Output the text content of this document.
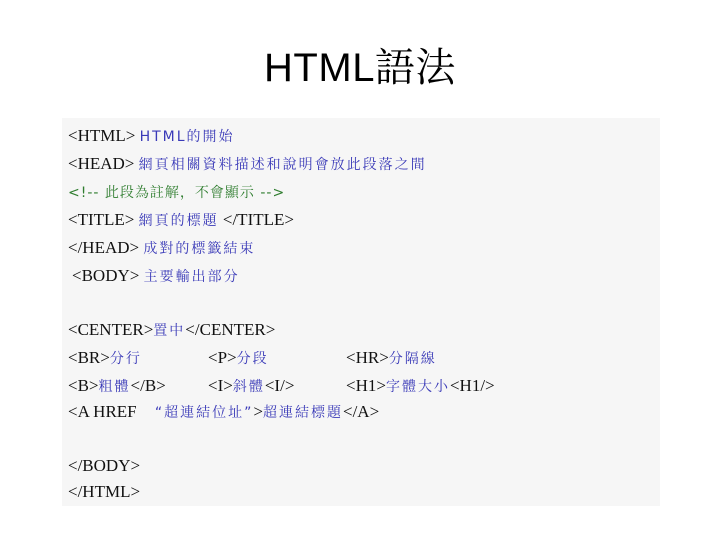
HTML語法
<HTML> HTML的開始
<HEAD> 網頁相關資料描述和說明會放此段落之間
<!-- 此段為註解，不會顯示 -->
<TITLE> 網頁的標題 </TITLE>
</HEAD> 成對的標籤結束
<BODY> 主要輸出部分
<CENTER>置中</CENTER>
<BR>分行	<P>分段	<HR>分隔線
<B>粗體</B> <I>斜體<I/>	<H1>字體大小<H1/>
<A HREF “超連結位址”>超連結標題</A>
</BODY>
</HTML>
